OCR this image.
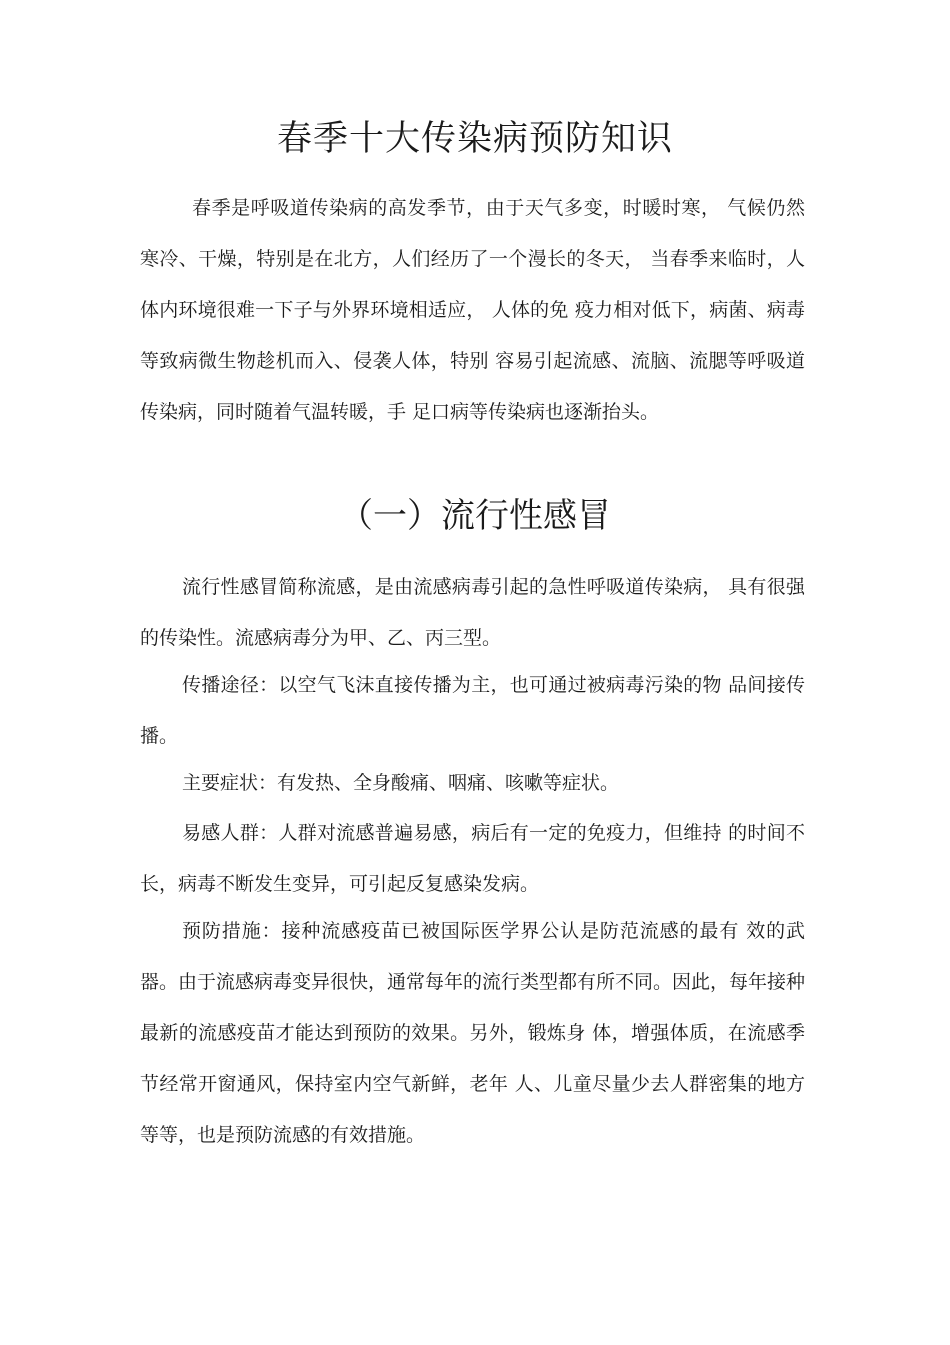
春季十大传染病预防知识

春季是呼吸道传染病的高发季节，由于天气多变，时暖时寒， 气候仍然寒冷、干燥，特别是在北方，人们经历了一个漫长的冬天， 当春季来临时，人体内环境很难一下子与外界环境相适应， 人体的免 疫力相对低下，病菌、病毒等致病微生物趁机而入、侵袭人体，特别 容易引起流感、流脑、流腮等呼吸道传染病，同时随着气温转暖，手 足口病等传染病也逐渐抬头。

（一）流行性感冒

流行性感冒简称流感，是由流感病毒引起的急性呼吸道传染病， 具有很强的传染性。流感病毒分为甲、乙、丙三型。

传播途径：以空气飞沫直接传播为主，也可通过被病毒污染的物 品间接传播。

主要症状：有发热、全身酸痛、咽痛、咳嗽等症状。

易感人群：人群对流感普遍易感，病后有一定的免疫力，但维持 的时间不长，病毒不断发生变异，可引起反复感染发病。

预防措施：接种流感疫苗已被国际医学界公认是防范流感的最有 效的武器。由于流感病毒变异很快，通常每年的流行类型都有所不同。因此，每年接种最新的流感疫苗才能达到预防的效果。另外，锻炼身 体，增强体质，在流感季节经常开窗通风，保持室内空气新鲜，老年 人、儿童尽量少去人群密集的地方等等，也是预防流感的有效措施。
